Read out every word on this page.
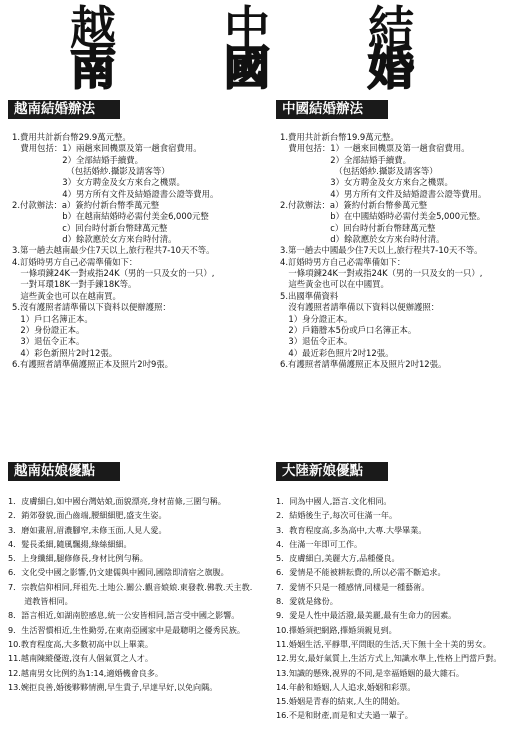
越
南
中
國
結
婚
越南結婚辦法	中國結婚辦法
越南姑娘優點	大陸新娘優點
1.費用共計新台幣29.9萬元整。
　費用包括：1）兩趟來回機票及第一趟食宿費用。
　　　　　　2）全部結婚手續費。
　　　　　　　（包括婚紗.攝影及請客等）
　　　　　　3）女方聘金及女方來台之機票。
　　　　　　4）男方所有文件及結婚證書公證等費用。
2.付款辦法：a）簽約付新台幣季萬元整
　　　　　　b）在越南結婚時必需付美金6,000元整
　　　　　　c）回台時付新台幣肆萬元整
　　　　　　d）餘款應於女方來台時付清。
3.第一趟去越南最少住7天以上,旅行程共7-10天不等。
4.訂婚時男方自己必需準備如下：
　一條項鍊24K一對戒指24K（男的一只及女的一只）,
　一對耳環18K一對手鍊18K等。
　這些黃金也可以在越南買。
5.沒有護照者請準備以下資料以便辦護照：
　1）戶口名簿正本。
　2）身份證正本。
　3）退伍令正本。
　4）彩色新照片2吋12張。
6.有護照者請準備護照正本及照片2吋9張。
1.費用共計新台幣19.9萬元整。
　費用包括：1）一趟來回機票及第一趟食宿費用。
　　　　　　2）全部結婚手續費。
　　　　　　　（包括婚紗.攝影及請客等）
　　　　　　3）女方聘金及女方來台之機票。
　　　　　　4）男方所有文件及結婚證書公證等費用。
2.付款辦法：a）簽約付新台幣參萬元整
　　　　　　b）在中國結婚時必需付美金5,000元整。
　　　　　　c）回台時付新台幣肆萬元整
　　　　　　d）餘款應於女方來台時付清。
3.第一趟去中國最少住7天以上,旅行程共7-10天不等。
4.訂婚時男方自己必需準備如下：
　一條項鍊24K一對戒指24K（男的一只及女的一只）,
　這些黃金也可以在中國買。
5.出國準備資料
　沒有護照者請準備以下資料以便辦護照：
　1）身分證正本。
　2）戶籍謄本5份或戶口名簿正本。
　3）退伍令正本。
　4）最近彩色照片2吋12張。
6.有護照者請準備護照正本及照片2吋12張。
1．皮膚細白,如中國台灣姑娘,面貌漂亮,身材苗條,三圍勻稱。
2．銷郊發貌,面凸齒端,腰細細肥,盛支生姿。
3．磨如畫眉,眉濃腳窄,未修玉面,人見人愛。
4．髮長柔細,隨風飄揚,綠絲細細。
5．上身纖細,腿修修長,身材比例勻稱。
6．文化受中國之影響,仍文建儒與中國同,國陰即清宿之旗腹。
7．宗教信仰相同,拜祖先.土地公.關公.觀音娘娘.東發教.佛教.天主教.
　　道教皆相同。
8．語言相近,如湖南腔感息,統一公安皆相同,語言受中國之影響。
9．生活習慣相近,生性勤勞,在東南亞國家中是最聰明之優秀民族。
10.教育程度高,大多數初高中以上畢業。
11.越南陳縱優遊,沒有人個氣質之人才。
12.越南男女比例約為1:14,適婚機會良多。
13.婉拒良善,婚後夥夥情溯,早生貴子,早達早好,以免向隅。
1．同為中國人,語言.文化相同。
2．結婚後生子,每次可住滿一年。
3．教育程度高,多為高中,大專.大學畢業。
4．住滿一年即可工作。
5．皮膚細白,美麗大方,品種優良。
6．愛情是不能被耕耘費的,所以必需不斷追求。
7．愛情不只是一種感情,同樣是一種藝術。
8．愛就是緣份。
9．愛是人性中最活潑,最美麗,最有生命力的因素。
10.擇婚須把網路,擇婚須親見到。
11.婚姻生活,平靜單,平問眼的生活,天下無十全十美的男女。
12.男女,最好氣質上,生活方式上,知識水準上,性格上門當戶對。
13.知識的懸殊,視界的不同,是幸福婚姻的最大雜石。
14.年齡和婚姻,人人追求,婚姻和彩票。
15.婚姻是青春的結束,人生的開始。
16.不是和財產,而是和丈夫過一輩子。
